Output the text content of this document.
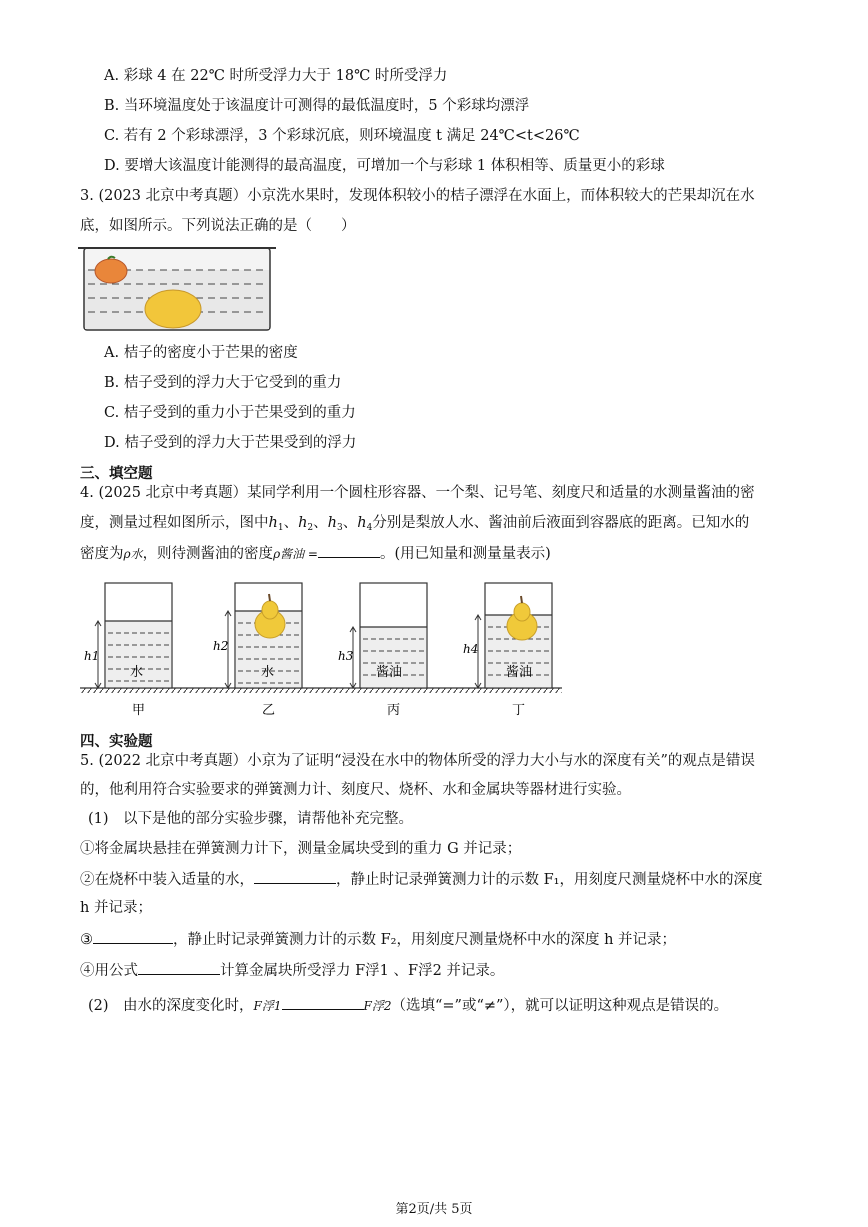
A. 彩球 4 在 22℃ 时所受浮力大于 18℃ 时所受浮力
B. 当环境温度处于该温度计可测得的最低温度时，5 个彩球均漂浮
C. 若有 2 个彩球漂浮，3 个彩球沉底，则环境温度 t 满足 24℃<t<26℃
D. 要增大该温度计能测得的最高温度，可增加一个与彩球 1 体积相等、质量更小的彩球
3. (2023 北京中考真题）小京洗水果时，发现体积较小的桔子漂浮在水面上，而体积较大的芒果却沉在水
底，如图所示。下列说法正确的是（　　）
A. 桔子的密度小于芒果的密度
B. 桔子受到的浮力大于它受到的重力
C. 桔子受到的重力小于芒果受到的重力
D. 桔子受到的浮力大于芒果受到的浮力
三、填空题
4. (2025 北京中考真题）某同学利用一个圆柱形容器、一个梨、记号笔、刻度尺和适量的水测量酱油的密
度，测量过程如图所示，图中$h_1$、$h_2$、$h_3$、$h_4$分别是梨放人水、酱油前后液面到容器底的距离。已知水的
密度为ρ水，则待测酱油的密度ρ酱油 =	。(用已知量和测量量表示)
h1
h2
h3	h4
水	水	酱油	酱油
甲	乙	丙	丁
四、实验题
5. (2022 北京中考真题）小京为了证明“浸没在水中的物体所受的浮力大小与水的深度有关”的观点是错误
的，他利用符合实验要求的弹簧测力计、刻度尺、烧杯、水和金属块等器材进行实验。
(1)　以下是他的部分实验步骤，请帮他补充完整。
①将金属块悬挂在弹簧测力计下，测量金属块受到的重力 G 并记录；
②在烧杯中装入适量的水，	，静止时记录弹簧测力计的示数 F₁，用刻度尺测量烧杯中水的深度
h 并记录；
③	，静止时记录弹簧测力计的示数 F₂，用刻度尺测量烧杯中水的深度 h 并记录；
④用公式	计算金属块所受浮力 F浮1 、F浮2 并记录。
(2)　由水的深度变化时，F浮1	F浮2（选填“=”或“≠”），就可以证明这种观点是错误的。
第2页/共 5页
